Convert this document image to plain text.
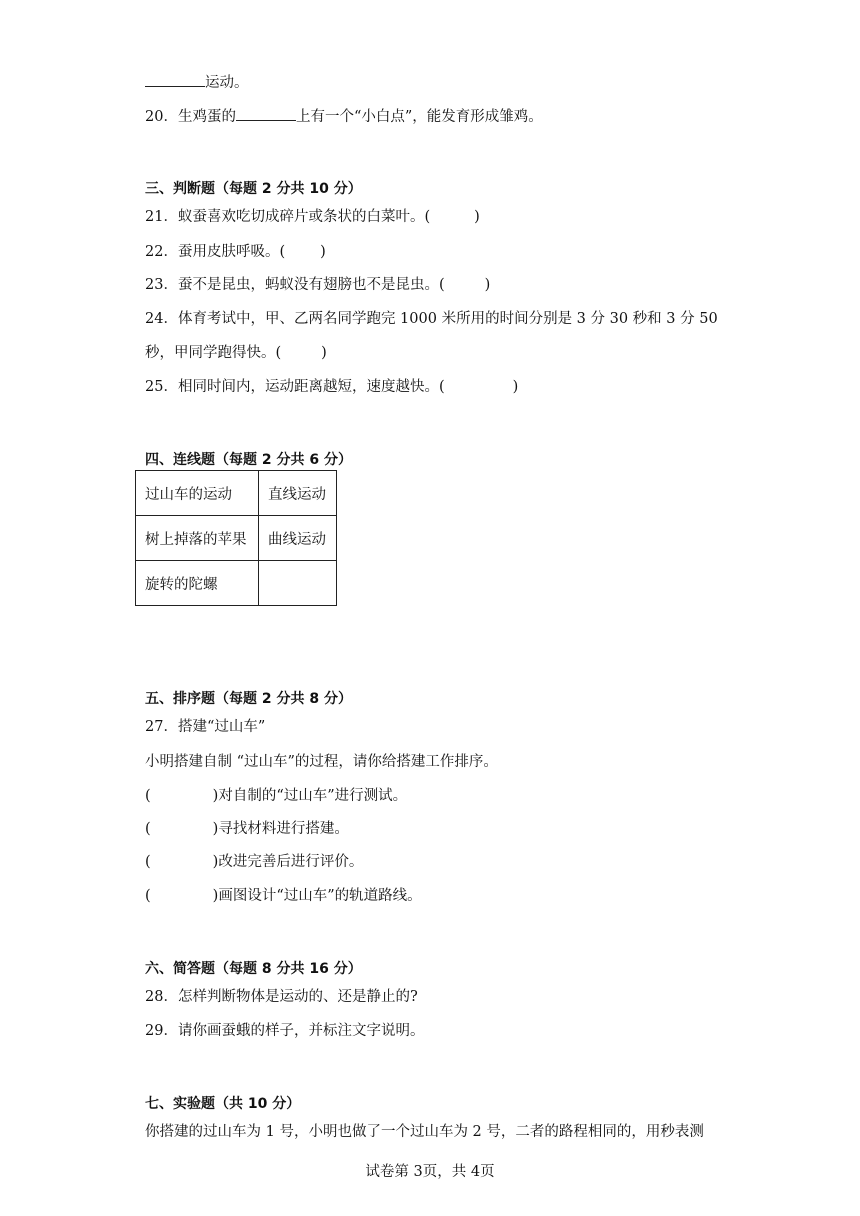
运动。
20．生鸡蛋的	上有一个“小白点”，能发育形成雏鸡。
三、判断题（每题 2 分共 10 分）
21．蚁蚕喜欢吃切成碎片或条状的白菜叶。(	)
22．蚕用皮肤呼吸。( )
23．蚕不是昆虫，蚂蚁没有翅膀也不是昆虫。(	)
24．体育考试中，甲、乙两名同学跑完 1000 米所用的时间分别是 3 分 30 秒和 3 分 50
秒，甲同学跑得快。(	)
25．相同时间内，运动距离越短，速度越快。(	)
四、连线题（每题 2 分共 6 分）
过山车的运动	直线运动
树上掉落的苹果	曲线运动
旋转的陀螺	
五、排序题（每题 2 分共 8 分）
27．搭建“过山车”
小明搭建自制 “过山车”的过程，请你给搭建工作排序。
(	)对自制的“过山车”进行测试。
(	)寻找材料进行搭建。
(	)改进完善后进行评价。
(	)画图设计“过山车”的轨道路线。
六、简答题（每题 8 分共 16 分）
28．怎样判断物体是运动的、还是静止的?
29．请你画蚕蛾的样子，并标注文字说明。
七、实验题（共 10 分）
你搭建的过山车为 1 号，小明也做了一个过山车为 2 号，二者的路程相同的，用秒表测
试卷第 3页，共 4页
